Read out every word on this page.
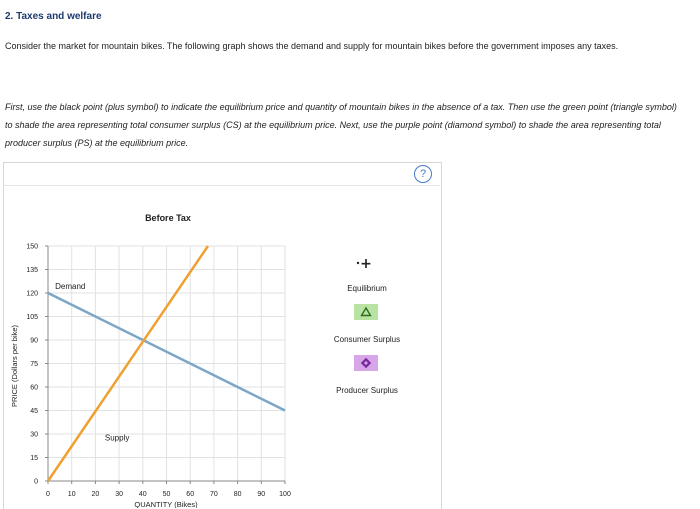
2. Taxes and welfare
Consider the market for mountain bikes. The following graph shows the demand and supply for mountain bikes before the government imposes any taxes.
First, use the black point (plus symbol) to indicate the equilibrium price and quantity of mountain bikes in the absence of a tax. Then use the green point (triangle symbol) to shade the area representing total consumer surplus (CS) at the equilibrium price. Next, use the purple point (diamond symbol) to shade the area representing total producer surplus (PS) at the equilibrium price.
?
0	10 20 30 40 50 60 70 80 90 100
0
15
30
45
60
75
90
105
120
135
150
Demand
Supply
Before Tax
QUANTITY (Bikes)
PRICE (Dollars per bike)
+
Equilibrium
Consumer Surplus
Producer Surplus
